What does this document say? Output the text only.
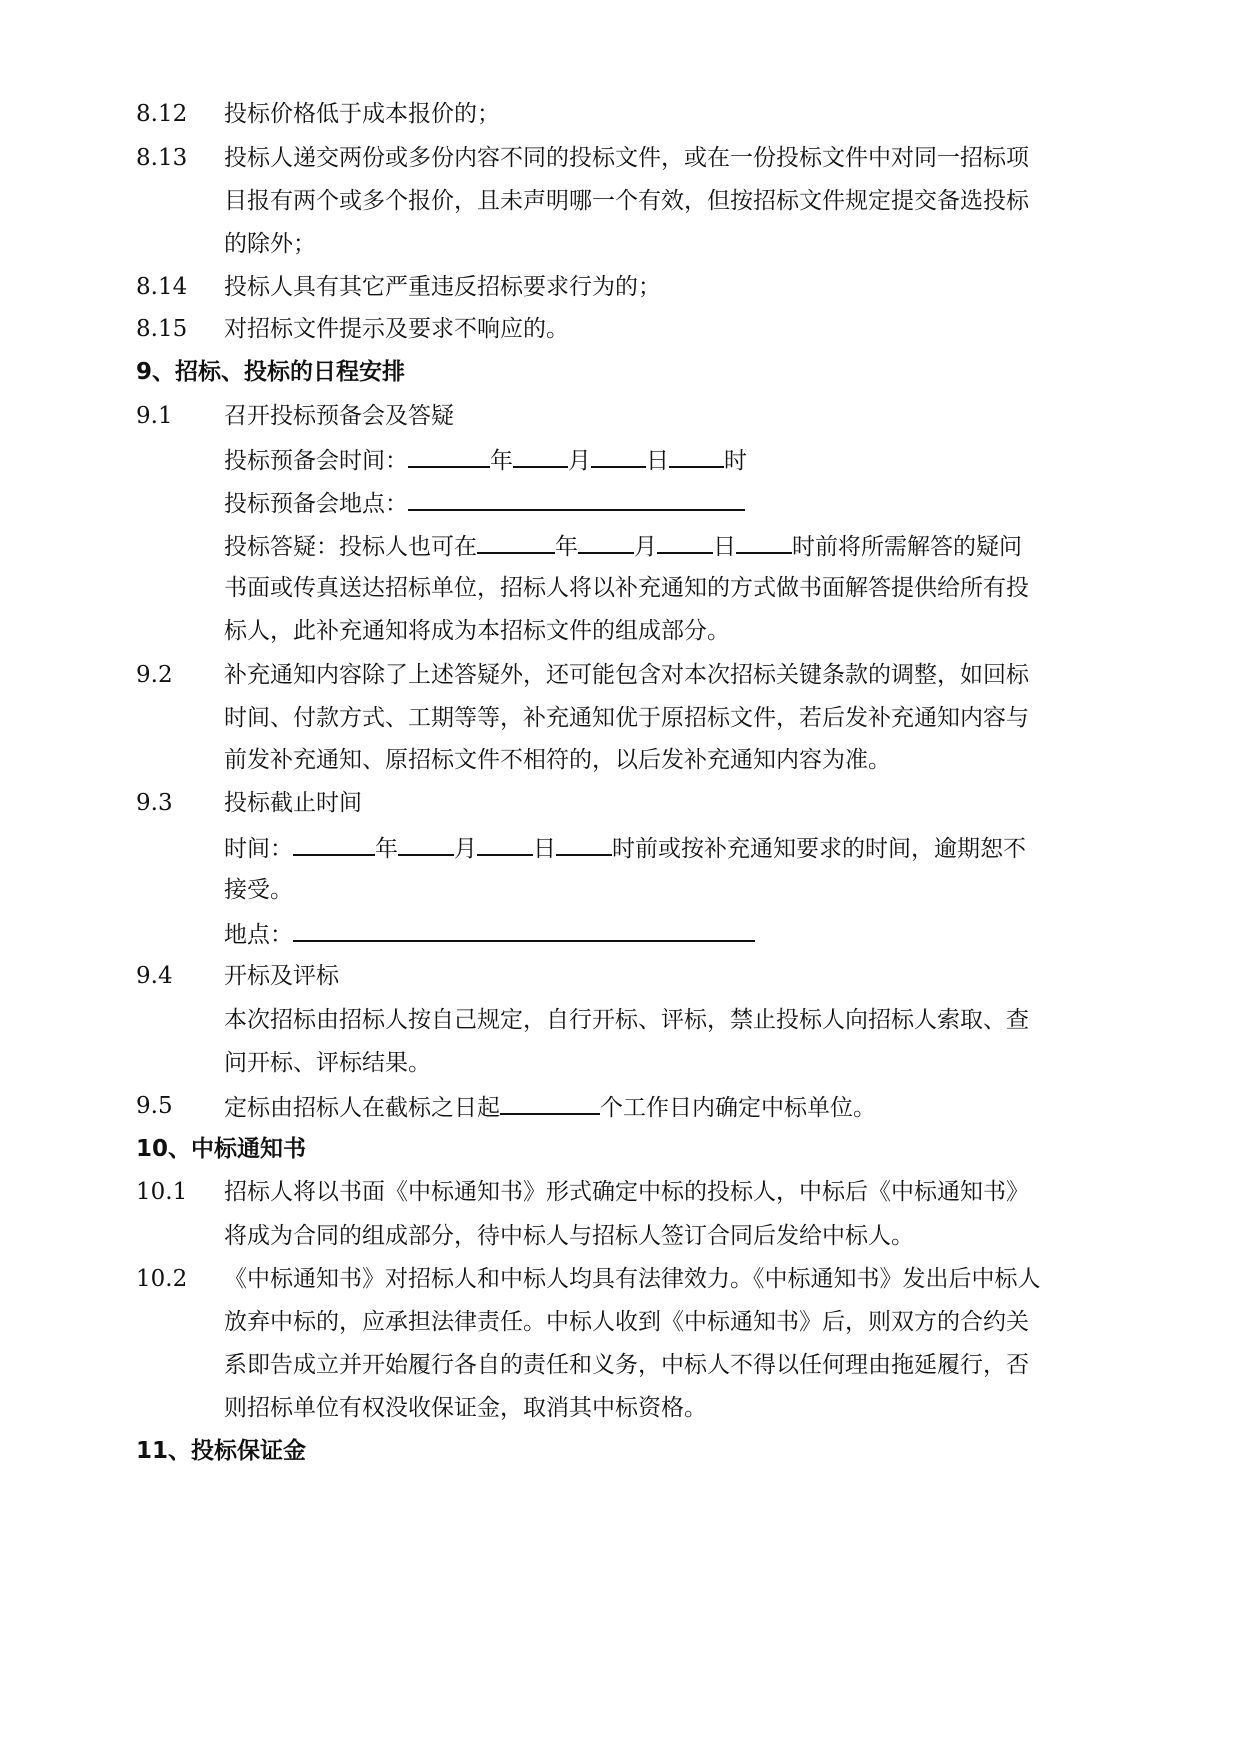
8.12 投标价格低于成本报价的；
8.13 投标人递交两份或多份内容不同的投标文件，或在一份投标文件中对同一招标项
目报有两个或多个报价，且未声明哪一个有效，但按招标文件规定提交备选投标
的除外；
8.14 投标人具有其它严重违反招标要求行为的；
8.15 对招标文件提示及要求不响应的。
9、招标、投标的日程安排
9.1 召开投标预备会及答疑
投标预备会时间：	年 月 日 时
投标预备会地点：
投标答疑：投标人也可在	年 月 日 时前将所需解答的疑问
书面或传真送达招标单位，招标人将以补充通知的方式做书面解答提供给所有投
标人，此补充通知将成为本招标文件的组成部分。
9.2 补充通知内容除了上述答疑外，还可能包含对本次招标关键条款的调整，如回标
时间、付款方式、工期等等，补充通知优于原招标文件，若后发补充通知内容与
前发补充通知、原招标文件不相符的，以后发补充通知内容为准。
9.3 投标截止时间
时间：	年 月 日 时前或按补充通知要求的时间，逾期恕不
接受。
地点：
9.4 开标及评标
本次招标由招标人按自己规定，自行开标、评标，禁止投标人向招标人索取、查
问开标、评标结果。
9.5 定标由招标人在截标之日起	个工作日内确定中标单位。
10、中标通知书
10.1 招标人将以书面《中标通知书》形式确定中标的投标人，中标后《中标通知书》
将成为合同的组成部分，待中标人与招标人签订合同后发给中标人。
10.2 《中标通知书》对招标人和中标人均具有法律效力。《中标通知书》发出后中标人
放弃中标的，应承担法律责任。中标人收到《中标通知书》后，则双方的合约关
系即告成立并开始履行各自的责任和义务，中标人不得以任何理由拖延履行，否
则招标单位有权没收保证金，取消其中标资格。
11、投标保证金
